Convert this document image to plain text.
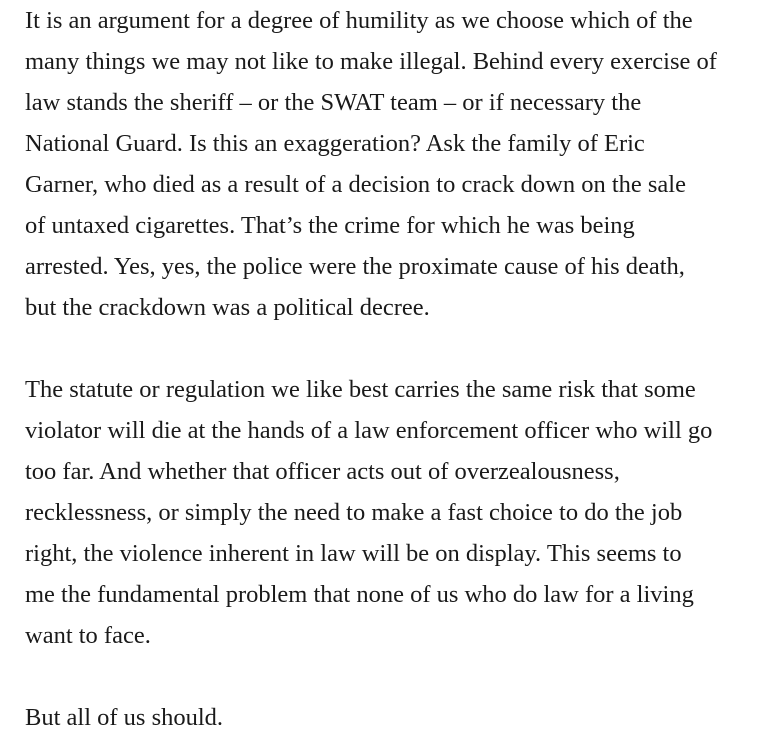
It is an argument for a degree of humility as we choose which of the
many things we may not like to make illegal. Behind every exercise of
law stands the sheriff – or the SWAT team – or if necessary the
National Guard. Is this an exaggeration? Ask the family of Eric
Garner, who died as a result of a decision to crack down on the sale
of untaxed cigarettes. That’s the crime for which he was being
arrested. Yes, yes, the police were the proximate cause of his death,
but the crackdown was a political decree.

The statute or regulation we like best carries the same risk that some
violator will die at the hands of a law enforcement officer who will go
too far. And whether that officer acts out of overzealousness,
recklessness, or simply the need to make a fast choice to do the job
right, the violence inherent in law will be on display. This seems to
me the fundamental problem that none of us who do law for a living
want to face.

But all of us should.
